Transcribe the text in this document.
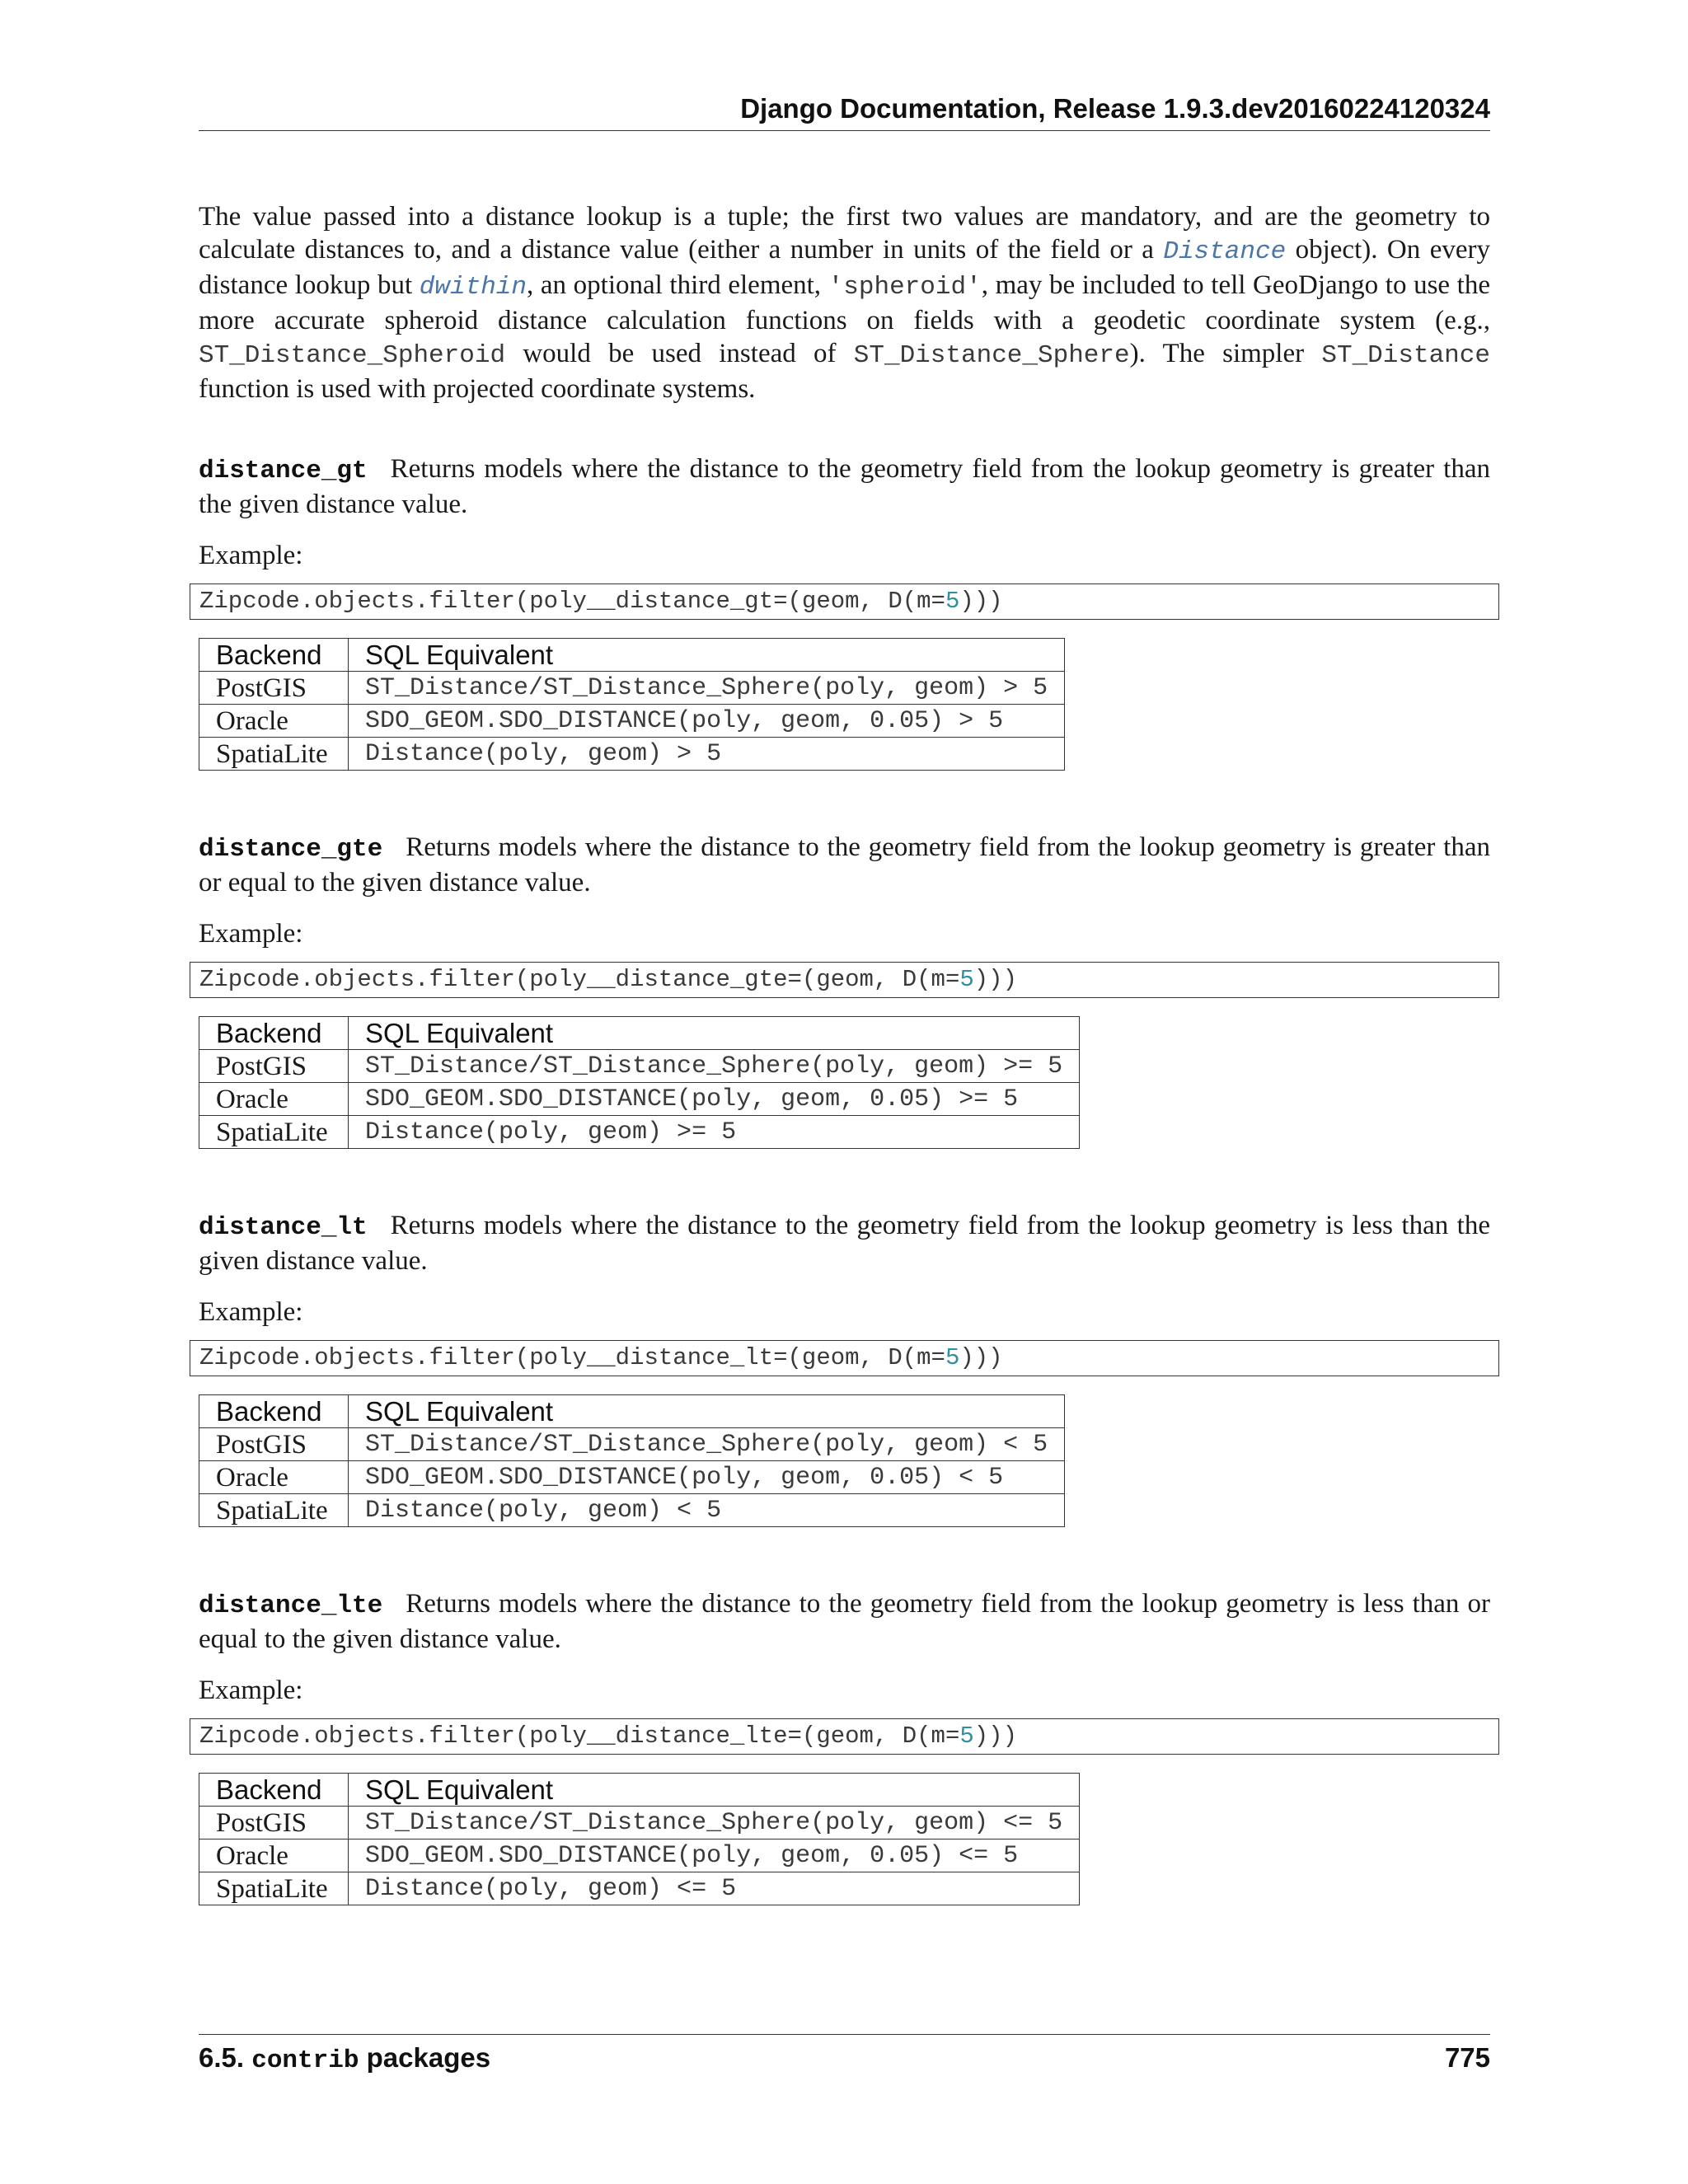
Django Documentation, Release 1.9.3.dev20160224120324

The value passed into a distance lookup is a tuple; the first two values are mandatory, and are the geometry to calculate distances to, and a distance value (either a number in units of the field or a Distance object). On every distance lookup but dwithin, an optional third element, 'spheroid', may be included to tell GeoDjango to use the more accurate spheroid distance calculation functions on fields with a geodetic coordinate system (e.g., ST_Distance_Spheroid would be used instead of ST_Distance_Sphere). The simpler ST_Distance function is used with projected coordinate systems.

distance_gt Returns models where the distance to the geometry field from the lookup geometry is greater than the given distance value.

Example:
Zipcode.objects.filter(poly__distance_gt=(geom, D(m=5)))
Backend	SQL Equivalent
PostGIS	ST_Distance/ST_Distance_Sphere(poly, geom) > 5
Oracle	SDO_GEOM.SDO_DISTANCE(poly, geom, 0.05) > 5
SpatiaLite	Distance(poly, geom) > 5

distance_gte Returns models where the distance to the geometry field from the lookup geometry is greater than or equal to the given distance value.

Example:
Zipcode.objects.filter(poly__distance_gte=(geom, D(m=5)))
Backend	SQL Equivalent
PostGIS	ST_Distance/ST_Distance_Sphere(poly, geom) >= 5
Oracle	SDO_GEOM.SDO_DISTANCE(poly, geom, 0.05) >= 5
SpatiaLite	Distance(poly, geom) >= 5

distance_lt Returns models where the distance to the geometry field from the lookup geometry is less than the given distance value.

Example:
Zipcode.objects.filter(poly__distance_lt=(geom, D(m=5)))
Backend	SQL Equivalent
PostGIS	ST_Distance/ST_Distance_Sphere(poly, geom) < 5
Oracle	SDO_GEOM.SDO_DISTANCE(poly, geom, 0.05) < 5
SpatiaLite	Distance(poly, geom) < 5

distance_lte Returns models where the distance to the geometry field from the lookup geometry is less than or equal to the given distance value.

Example:
Zipcode.objects.filter(poly__distance_lte=(geom, D(m=5)))
Backend	SQL Equivalent
PostGIS	ST_Distance/ST_Distance_Sphere(poly, geom) <= 5
Oracle	SDO_GEOM.SDO_DISTANCE(poly, geom, 0.05) <= 5
SpatiaLite	Distance(poly, geom) <= 5
6.5. contrib packages	775
